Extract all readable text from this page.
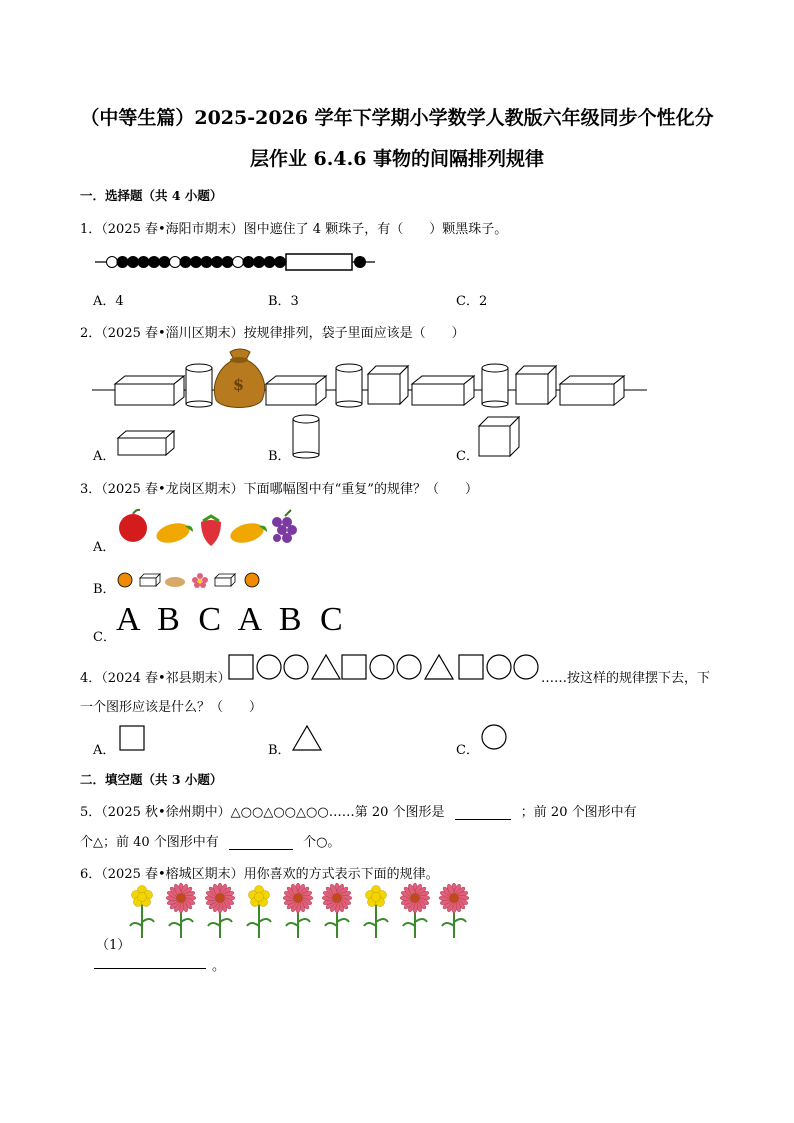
（中等生篇）2025-2026 学年下学期小学数学人教版六年级同步个性化分
层作业 6.4.6 事物的间隔排列规律
一．选择题（共 4 小题）
1．（2025 春•海阳市期末）图中遮住了 4 颗珠子，有（　　）颗黑珠子。
A．4	B．3	C．2
2．（2025 春•淄川区期末）按规律排列，袋子里面应该是（　　）
$
A．	B．	C．
3．（2025 春•龙岗区期末）下面哪幅图中有“重复”的规律？（　　）
A．
B．
C． A B C A B C
4．（2024 春•祁县期末）	……按这样的规律摆下去，下
一个图形应该是什么？（　　）
A．	B．	C．
二．填空题（共 3 小题）
5．（2025 秋•徐州期中）△○○△○○△○○……第 20 个图形是	；前 20 个图形中有
个△；前 40 个图形中有	个○。
6．（2025 春•榕城区期末）用你喜欢的方式表示下面的规律。
（1）
。
